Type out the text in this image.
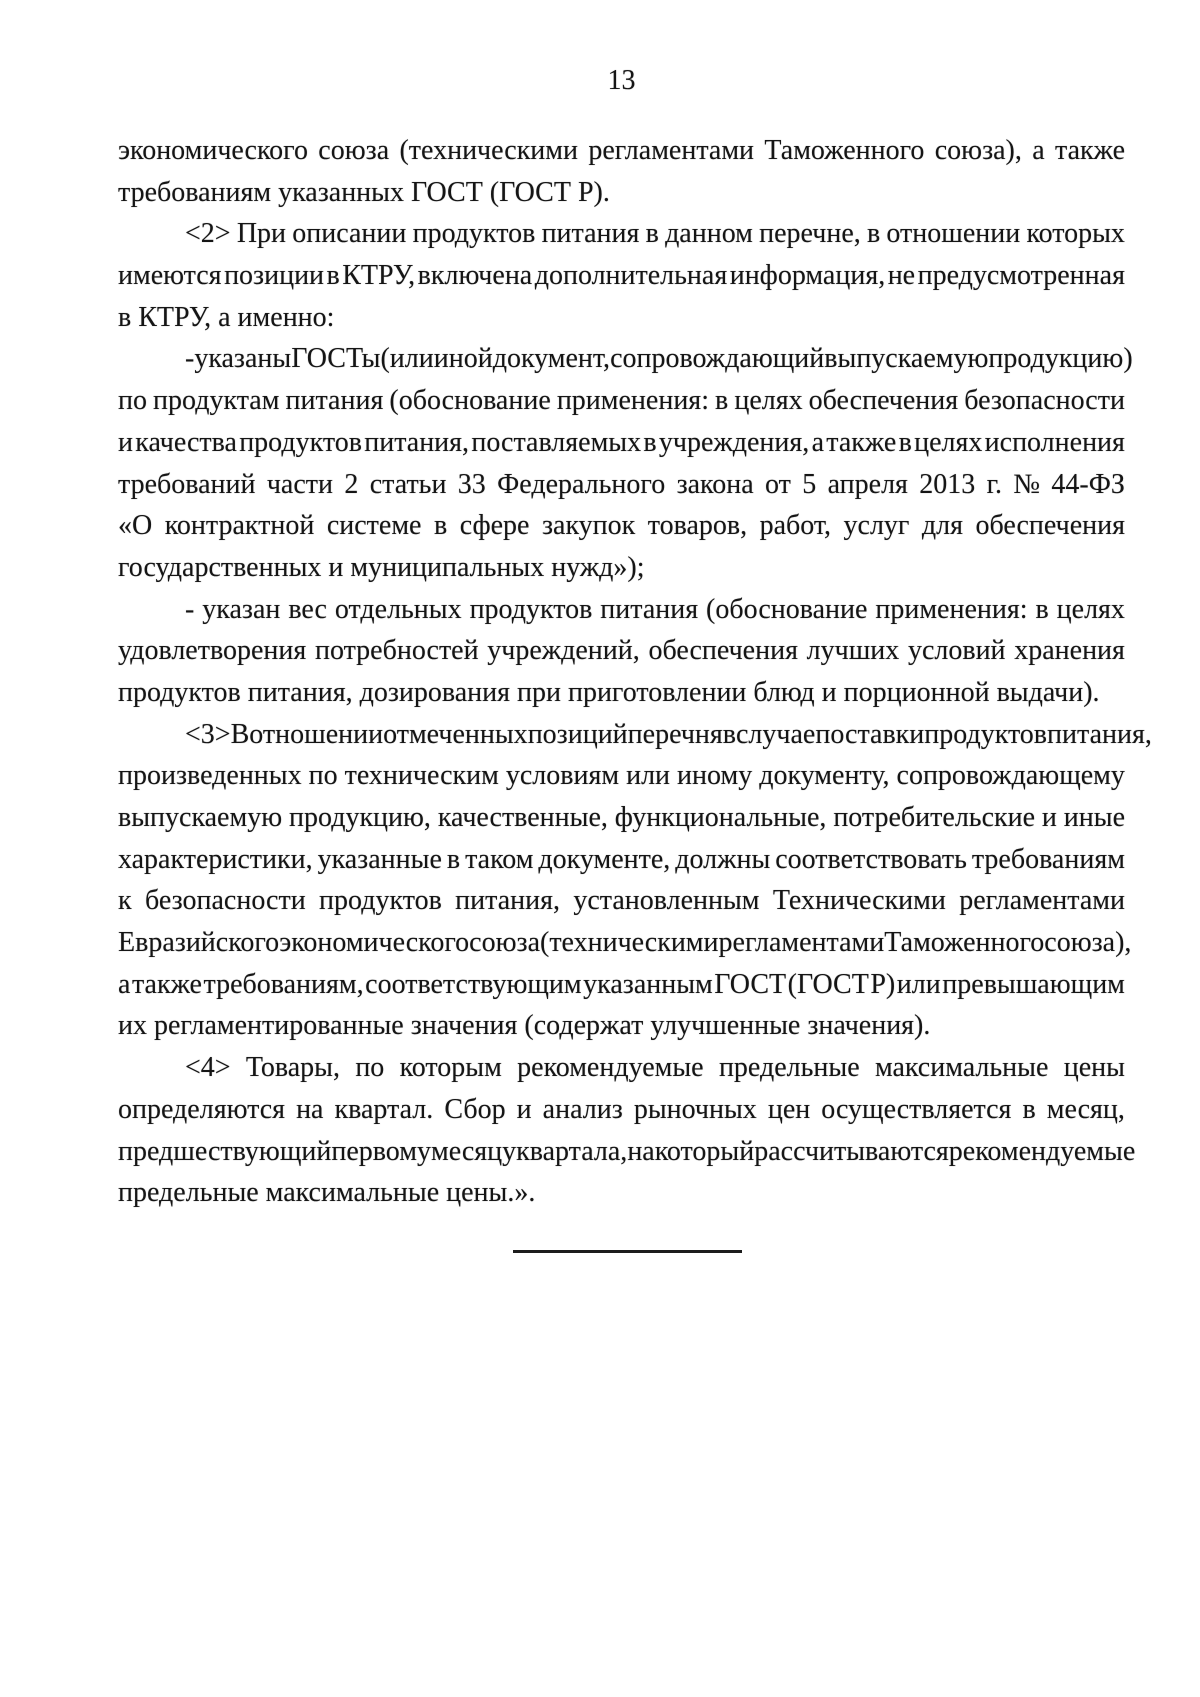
13
экономического союза (техническими регламентами Таможенного союза), а также
требованиям указанных ГОСТ (ГОСТ Р).
<2> При описании продуктов питания в данном перечне, в отношении которых
имеются позиции в КТРУ, включена дополнительная информация, не предусмотренная
в КТРУ, а именно:
- указаны ГОСТы (или иной документ, сопровождающий выпускаемую продукцию)
по продуктам питания (обоснование применения: в целях обеспечения безопасности
и качества продуктов питания, поставляемых в учреждения, а также в целях исполнения
требований части 2 статьи 33 Федерального закона от 5 апреля 2013 г. № 44-ФЗ
«О контрактной системе в сфере закупок товаров, работ, услуг для обеспечения
государственных и муниципальных нужд»);
- указан вес отдельных продуктов питания (обоснование применения: в целях
удовлетворения потребностей учреждений, обеспечения лучших условий хранения
продуктов питания, дозирования при приготовлении блюд и порционной выдачи).
<3> В отношении отмеченных позиций перечня в случае поставки продуктов питания,
произведенных по техническим условиям или иному документу, сопровождающему
выпускаемую продукцию, качественные, функциональные, потребительские и иные
характеристики, указанные в таком документе, должны соответствовать требованиям
к безопасности продуктов питания, установленным Техническими регламентами
Евразийского экономического союза (техническими регламентами Таможенного союза),
а также требованиям, соответствующим указанным ГОСТ (ГОСТ Р) или превышающим
их регламентированные значения (содержат улучшенные значения).
<4> Товары, по которым рекомендуемые предельные максимальные цены
определяются на квартал. Сбор и анализ рыночных цен осуществляется в месяц,
предшествующий первому месяцу квартала, на который рассчитываются рекомендуемые
предельные максимальные цены.».
